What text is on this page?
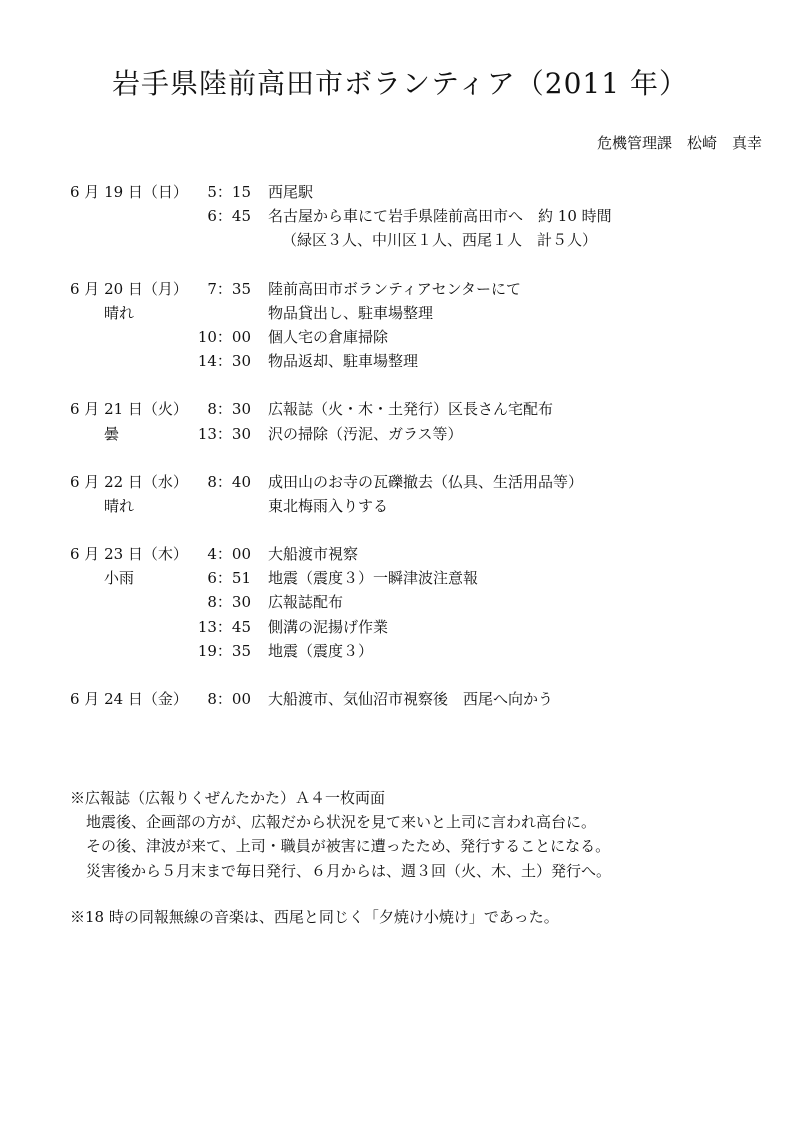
岩手県陸前高田市ボランティア（2011 年）
危機管理課　松崎　真幸
6 月 19 日（日） 5：15 西尾駅
6：45 名古屋から車にて岩手県陸前高田市へ　約 10 時間
（緑区３人、中川区１人、西尾１人　計５人）
6 月 20 日（月） 7：35 陸前高田市ボランティアセンターにて
晴れ	物品貸出し、駐車場整理
10：00 個人宅の倉庫掃除
14：30 物品返却、駐車場整理
6 月 21 日（火） 8：30 広報誌（火・木・土発行）区長さん宅配布
曇	13：30 沢の掃除（汚泥、ガラス等）
6 月 22 日（水） 8：40 成田山のお寺の瓦礫撤去（仏具、生活用品等）
晴れ	東北梅雨入りする
6 月 23 日（木） 4：00 大船渡市視察
小雨	6：51 地震（震度３）一瞬津波注意報
8：30 広報誌配布
13：45 側溝の泥揚げ作業
19：35 地震（震度３）
6 月 24 日（金） 8：00 大船渡市、気仙沼市視察後　西尾へ向かう
※広報誌（広報りくぜんたかた）Ａ４一枚両面
地震後、企画部の方が、広報だから状況を見て来いと上司に言われ高台に。
その後、津波が来て、上司・職員が被害に遭ったため、発行することになる。
災害後から５月末まで毎日発行、６月からは、週３回（火、木、土）発行へ。
※18 時の同報無線の音楽は、西尾と同じく「夕焼け小焼け」であった。
